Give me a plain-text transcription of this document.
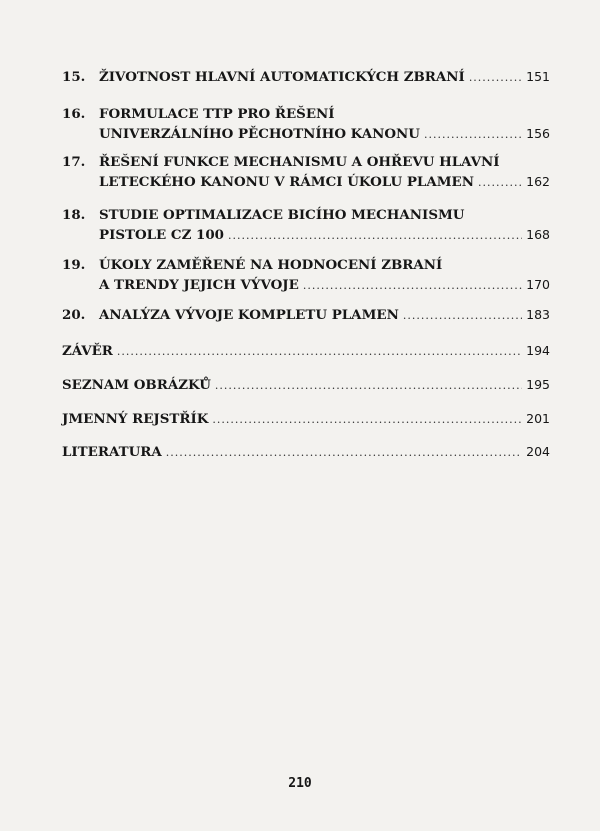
15. ŽIVOTNOST HLAVNÍ AUTOMATICKÝCH ZBRANÍ .....	151
16. FORMULACE TTP PRO ŘEŠENÍ
UNIVERZÁLNÍHO PĚCHOTNÍHO KANONU .....	156
17. ŘEŠENÍ FUNKCE MECHANISMU A OHŘEVU HLAVNÍ
LETECKÉHO KANONU V RÁMCI ÚKOLU PLAMEN .....	162
18. STUDIE OPTIMALIZACE BICÍHO MECHANISMU
PISTOLE CZ 100 .....	168
19. ÚKOLY ZAMĚŘENÉ NA HODNOCENÍ ZBRANÍ
A TRENDY JEJICH VÝVOJE .....	170
20. ANALÝZA VÝVOJE KOMPLETU PLAMEN .....	183
ZÁVĚR .....	194
SEZNAM OBRÁZKŮ .....	195
JMENNÝ REJSTŘÍK .....	201
LITERATURA .....	204
210
